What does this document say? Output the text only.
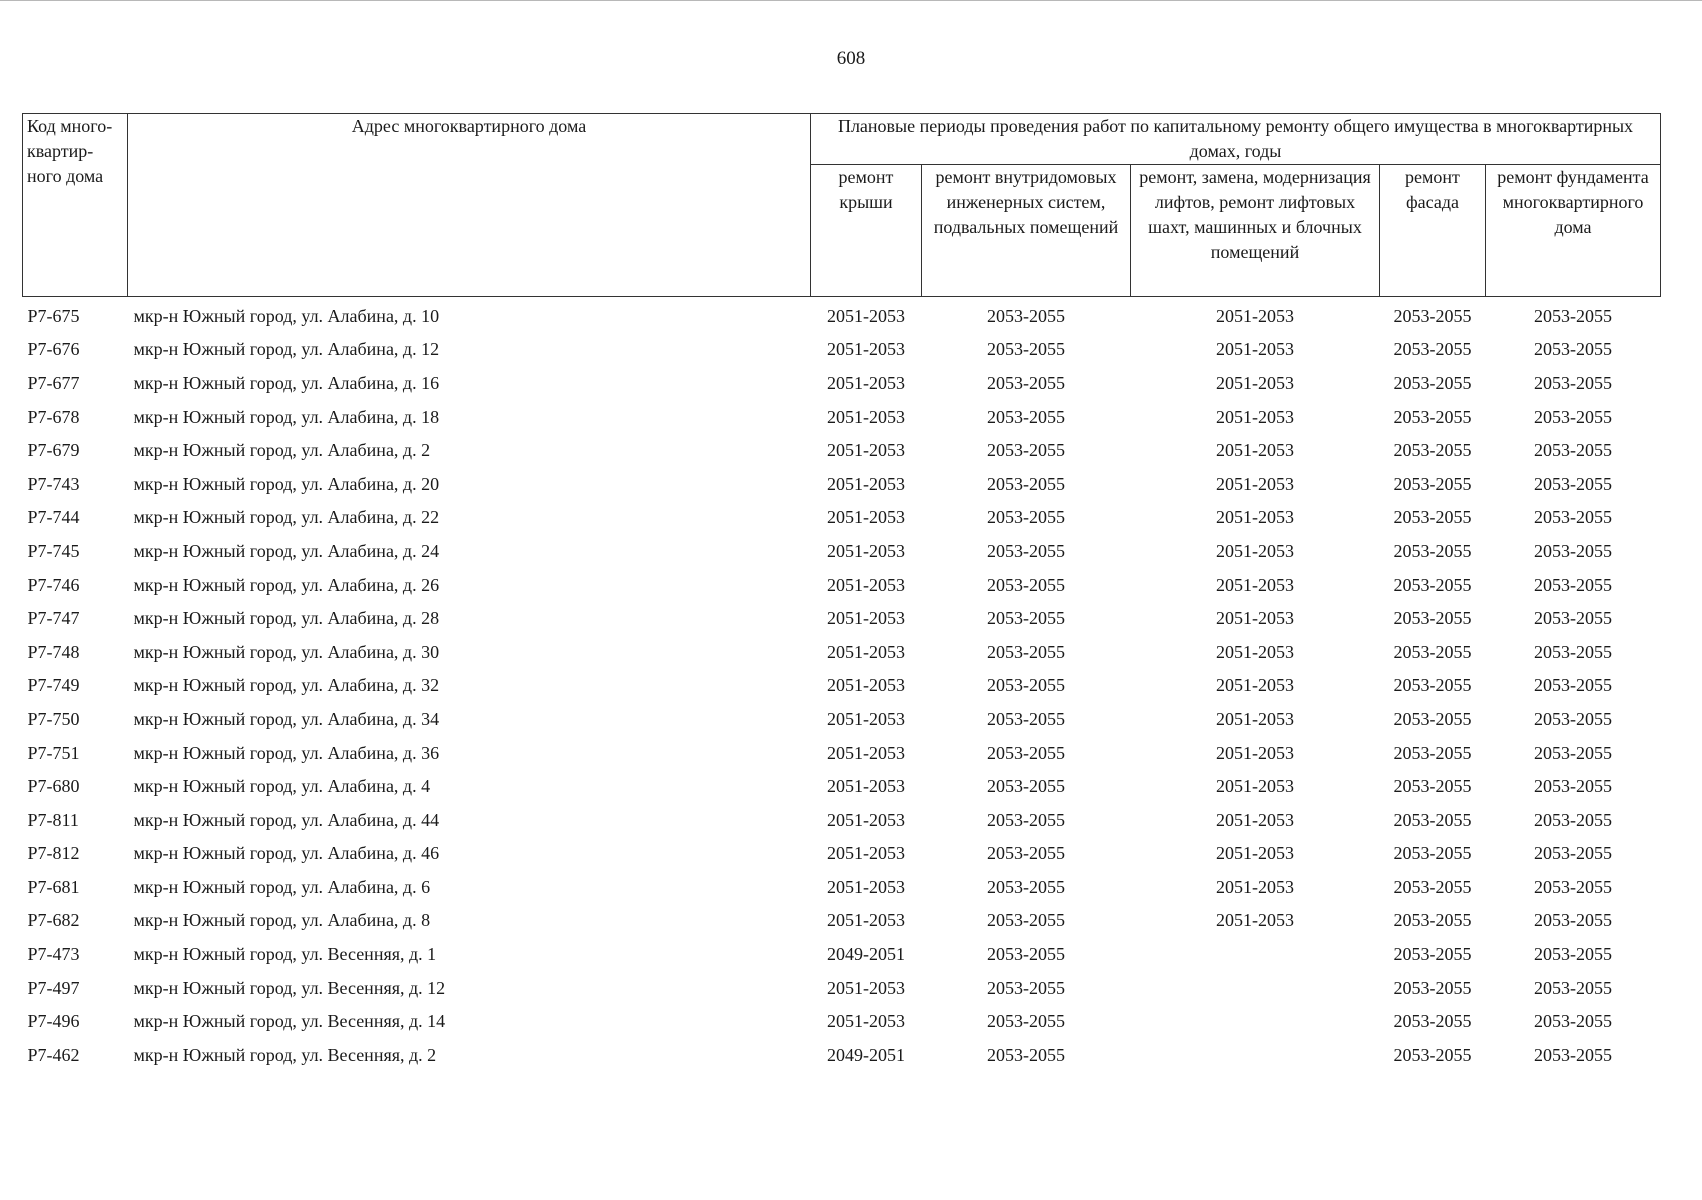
608
Код много-квартир-ного дома	Адрес многоквартирного дома	Плановые периоды проведения работ по капитальному ремонту общего имущества в многоквартирных домах, годы				
		ремонт крыши	ремонт внутридомовых инженерных систем, подвальных помещений	ремонт, замена, модернизация лифтов, ремонт лифтовых шахт, машинных и блочных помещений	ремонт фасада	ремонт фундамента многоквартирного дома
Р7-675	мкр-н Южный город, ул. Алабина, д. 10	2051-2053	2053-2055	2051-2053	2053-2055	2053-2055
Р7-676	мкр-н Южный город, ул. Алабина, д. 12	2051-2053	2053-2055	2051-2053	2053-2055	2053-2055
Р7-677	мкр-н Южный город, ул. Алабина, д. 16	2051-2053	2053-2055	2051-2053	2053-2055	2053-2055
Р7-678	мкр-н Южный город, ул. Алабина, д. 18	2051-2053	2053-2055	2051-2053	2053-2055	2053-2055
Р7-679	мкр-н Южный город, ул. Алабина, д. 2	2051-2053	2053-2055	2051-2053	2053-2055	2053-2055
Р7-743	мкр-н Южный город, ул. Алабина, д. 20	2051-2053	2053-2055	2051-2053	2053-2055	2053-2055
Р7-744	мкр-н Южный город, ул. Алабина, д. 22	2051-2053	2053-2055	2051-2053	2053-2055	2053-2055
Р7-745	мкр-н Южный город, ул. Алабина, д. 24	2051-2053	2053-2055	2051-2053	2053-2055	2053-2055
Р7-746	мкр-н Южный город, ул. Алабина, д. 26	2051-2053	2053-2055	2051-2053	2053-2055	2053-2055
Р7-747	мкр-н Южный город, ул. Алабина, д. 28	2051-2053	2053-2055	2051-2053	2053-2055	2053-2055
Р7-748	мкр-н Южный город, ул. Алабина, д. 30	2051-2053	2053-2055	2051-2053	2053-2055	2053-2055
Р7-749	мкр-н Южный город, ул. Алабина, д. 32	2051-2053	2053-2055	2051-2053	2053-2055	2053-2055
Р7-750	мкр-н Южный город, ул. Алабина, д. 34	2051-2053	2053-2055	2051-2053	2053-2055	2053-2055
Р7-751	мкр-н Южный город, ул. Алабина, д. 36	2051-2053	2053-2055	2051-2053	2053-2055	2053-2055
Р7-680	мкр-н Южный город, ул. Алабина, д. 4	2051-2053	2053-2055	2051-2053	2053-2055	2053-2055
Р7-811	мкр-н Южный город, ул. Алабина, д. 44	2051-2053	2053-2055	2051-2053	2053-2055	2053-2055
Р7-812	мкр-н Южный город, ул. Алабина, д. 46	2051-2053	2053-2055	2051-2053	2053-2055	2053-2055
Р7-681	мкр-н Южный город, ул. Алабина, д. 6	2051-2053	2053-2055	2051-2053	2053-2055	2053-2055
Р7-682	мкр-н Южный город, ул. Алабина, д. 8	2051-2053	2053-2055	2051-2053	2053-2055	2053-2055
Р7-473	мкр-н Южный город, ул. Весенняя, д. 1	2049-2051	2053-2055		2053-2055	2053-2055
Р7-497	мкр-н Южный город, ул. Весенняя, д. 12	2051-2053	2053-2055		2053-2055	2053-2055
Р7-496	мкр-н Южный город, ул. Весенняя, д. 14	2051-2053	2053-2055		2053-2055	2053-2055
Р7-462	мкр-н Южный город, ул. Весенняя, д. 2	2049-2051	2053-2055		2053-2055	2053-2055
